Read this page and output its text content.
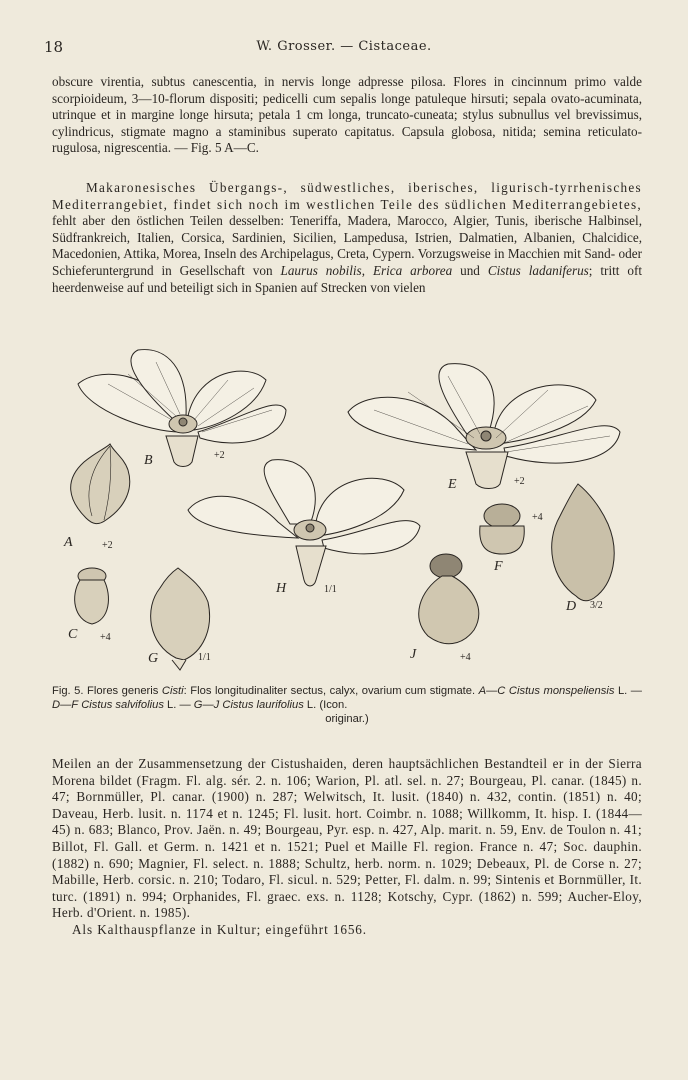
18	W. Grosser. — Cistaceae.

obscure virentia, subtus canescentia, in nervis longe adpresse pilosa. Flores in cincinnum primo valde scorpioideum, 3—10-florum dispositi; pedicelli cum sepalis longe patuleque hirsuti; sepala ovato-acuminata, utrinque et in margine longe hirsuta; petala 1 cm longa, truncato-cuneata; stylus subnullus vel brevissimus, cylindricus, stigmate magno a staminibus superato capitatus. Capsula globosa, nitida; semina reticulato-rugulosa, nigrescentia. — Fig. 5 A—C.

Makaronesisches Übergangs-, südwestliches, iberisches, ligurisch-tyrrhenisches Mediterrangebiet, findet sich noch im westlichen Teile des südlichen Mediterrangebietes, fehlt aber den östlichen Teilen desselben: Teneriffa, Madera, Marocco, Algier, Tunis, iberische Halbinsel, Südfrankreich, Italien, Corsica, Sardinien, Sicilien, Lampedusa, Istrien, Dalmatien, Albanien, Chalcidice, Macedonien, Attika, Morea, Inseln des Archipelagus, Creta, Cypern. Vorzugsweise in Macchien mit Sand- oder Schieferuntergrund in Gesellschaft von Laurus nobilis, Erica arborea und Cistus ladaniferus; tritt oft heerdenweise auf und beteiligt sich in Spanien auf Strecken von vielen

B	+2
E	+2
A	+2
H	1/1
F
+4
D 3/2
C +4
G	1/1	J	+4
Fig. 5. Flores generis Cisti: Flos longitudinaliter sectus, calyx, ovarium cum stigmate. A—C Cistus monspeliensis L. — D—F Cistus salvifolius L. — G—J Cistus laurifolius L. (Icon.
originar.)

Meilen an der Zusammensetzung der Cistushaiden, deren hauptsächlichen Bestandteil er in der Sierra Morena bildet (Fragm. Fl. alg. sér. 2. n. 106; Warion, Pl. atl. sel. n. 27; Bourgeau, Pl. canar. (1845) n. 47; Bornmüller, Pl. canar. (1900) n. 287; Welwitsch, It. lusit. (1840) n. 432, contin. (1851) n. 40; Daveau, Herb. lusit. n. 1174 et n. 1245; Fl. lusit. hort. Coimbr. n. 1088; Willkomm, It. hisp. I. (1844—45) n. 683; Blanco, Prov. Jaën. n. 49; Bourgeau, Pyr. esp. n. 427, Alp. marit. n. 59, Env. de Toulon n. 41; Billot, Fl. Gall. et Germ. n. 1421 et n. 1521; Puel et Maille Fl. region. France n. 47; Soc. dauphin. (1882) n. 690; Magnier, Fl. select. n. 1888; Schultz, herb. norm. n. 1029; Debeaux, Pl. de Corse n. 27; Mabille, Herb. corsic. n. 210; Todaro, Fl. sicul. n. 529; Petter, Fl. dalm. n. 99; Sintenis et Bornmüller, It. turc. (1891) n. 994; Orphanides, Fl. graec. exs. n. 1128; Kotschy, Cypr. (1862) n. 599; Aucher-Eloy, Herb. d'Orient. n. 1985).

Als Kalthauspflanze in Kultur; eingeführt 1656.
